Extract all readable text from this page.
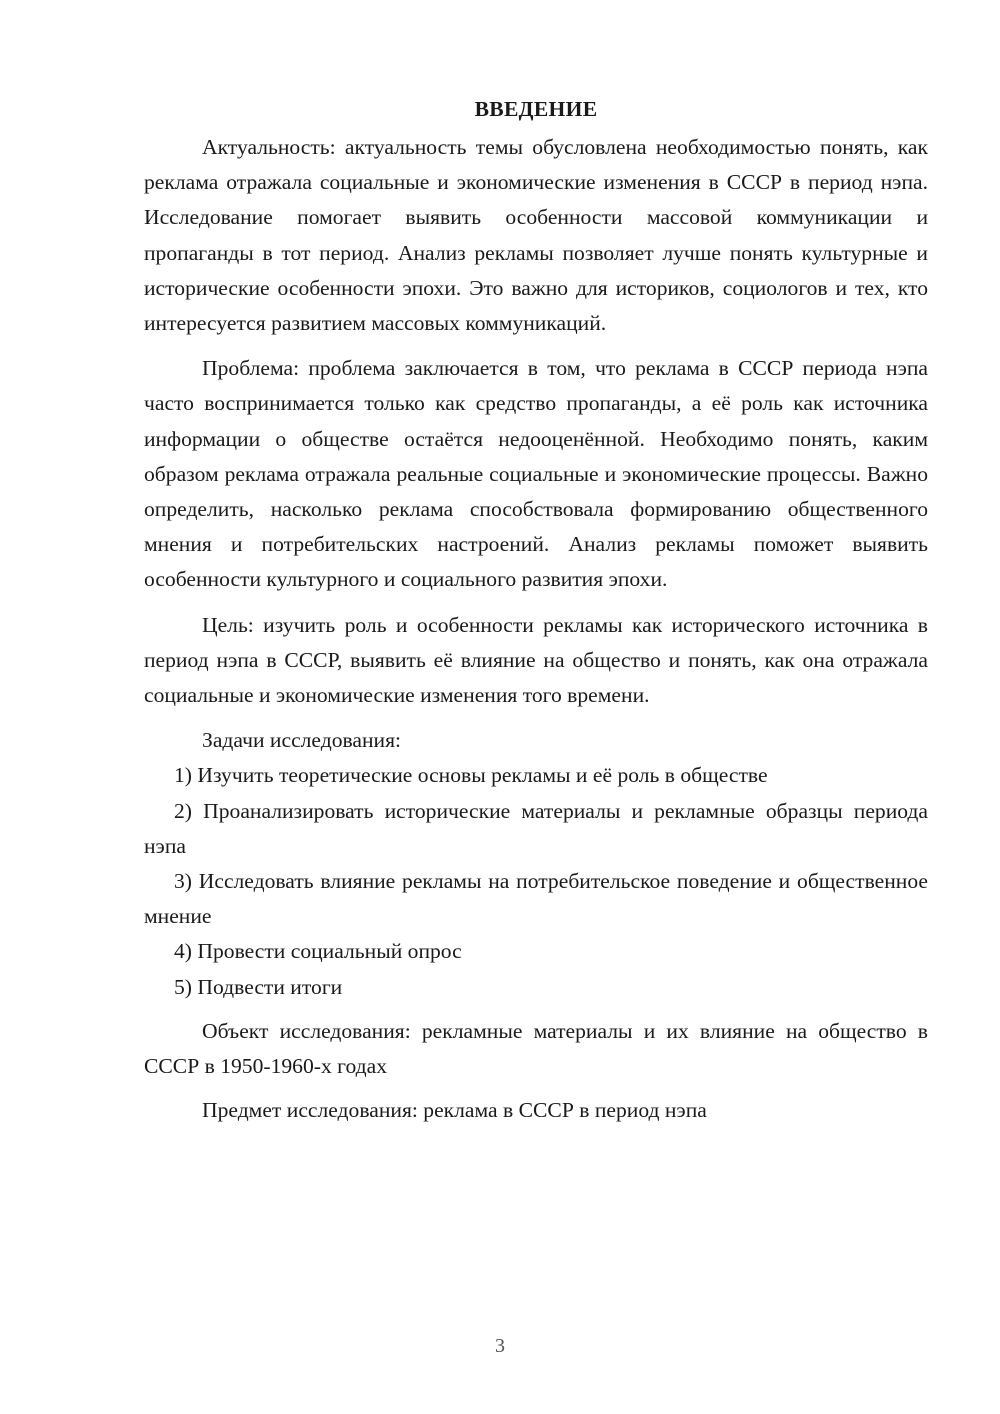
ВВЕДЕНИЕ

Актуальность: актуальность темы обусловлена необходимостью понять, как реклама отражала социальные и экономические изменения в СССР в период нэпа. Исследование помогает выявить особенности массовой коммуникации и пропаганды в тот период. Анализ рекламы позволяет лучше понять культурные и исторические особенности эпохи. Это важно для историков, социологов и тех, кто интересуется развитием массовых коммуникаций.

Проблема: проблема заключается в том, что реклама в СССР периода нэпа часто воспринимается только как средство пропаганды, а её роль как источника информации о обществе остаётся недооценённой. Необходимо понять, каким образом реклама отражала реальные социальные и экономические процессы. Важно определить, насколько реклама способствовала формированию общественного мнения и потребительских настроений. Анализ рекламы поможет выявить особенности культурного и социального развития эпохи.

Цель: изучить роль и особенности рекламы как исторического источника в период нэпа в СССР, выявить её влияние на общество и понять, как она отражала социальные и экономические изменения того времени.

Задачи исследования:

1) Изучить теоретические основы рекламы и её роль в обществе

2) Проанализировать исторические материалы и рекламные образцы периода нэпа

3) Исследовать влияние рекламы на потребительское поведение и общественное мнение

4) Провести социальный опрос

5) Подвести итоги

Объект исследования: рекламные материалы и их влияние на общество в СССР в 1950-1960-х годах

Предмет исследования: реклама в СССР в период нэпа

3
